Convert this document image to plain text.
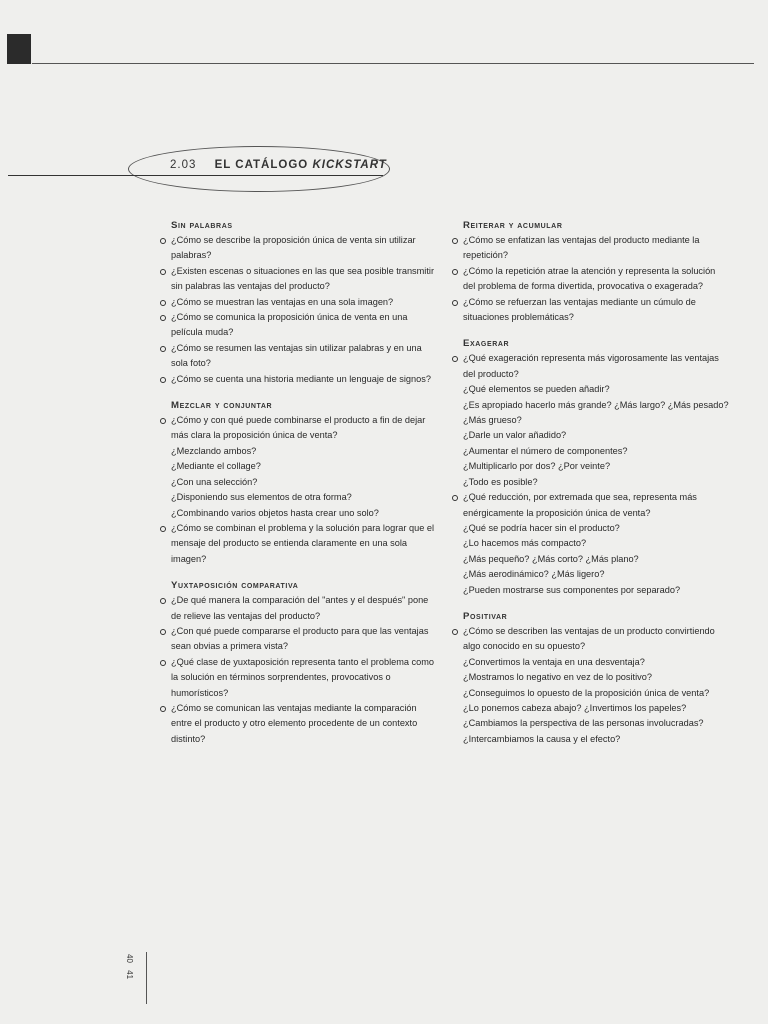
2.03 EL CATÁLOGO KICKSTART
Sin palabras
¿Cómo se describe la proposición única de venta sin utilizar
palabras?
¿Existen escenas o situaciones en las que sea posible transmitir
sin palabras las ventajas del producto?
¿Cómo se muestran las ventajas en una sola imagen?
¿Cómo se comunica la proposición única de venta en una
película muda?
¿Cómo se resumen las ventajas sin utilizar palabras y en una
sola foto?
¿Cómo se cuenta una historia mediante un lenguaje de signos?
Mezclar y conjuntar
¿Cómo y con qué puede combinarse el producto a fin de dejar
más clara la proposición única de venta?
¿Mezclando ambos?
¿Mediante el collage?
¿Con una selección?
¿Disponiendo sus elementos de otra forma?
¿Combinando varios objetos hasta crear uno solo?
¿Cómo se combinan el problema y la solución para lograr que el
mensaje del producto se entienda claramente en una sola
imagen?
Yuxtaposición comparativa
¿De qué manera la comparación del "antes y el después" pone
de relieve las ventajas del producto?
¿Con qué puede compararse el producto para que las ventajas
sean obvias a primera vista?
¿Qué clase de yuxtaposición representa tanto el problema como
la solución en términos sorprendentes, provocativos o
humorísticos?
¿Cómo se comunican las ventajas mediante la comparación
entre el producto y otro elemento procedente de un contexto
distinto?
Reiterar y acumular
¿Cómo se enfatizan las ventajas del producto mediante la
repetición?
¿Cómo la repetición atrae la atención y representa la solución
del problema de forma divertida, provocativa o exagerada?
¿Cómo se refuerzan las ventajas mediante un cúmulo de
situaciones problemáticas?
Exagerar
¿Qué exageración representa más vigorosamente las ventajas
del producto?
¿Qué elementos se pueden añadir?
¿Es apropiado hacerlo más grande? ¿Más largo? ¿Más pesado?
¿Más grueso?
¿Darle un valor añadido?
¿Aumentar el número de componentes?
¿Multiplicarlo por dos? ¿Por veinte?
¿Todo es posible?
¿Qué reducción, por extremada que sea, representa más
enérgicamente la proposición única de venta?
¿Qué se podría hacer sin el producto?
¿Lo hacemos más compacto?
¿Más pequeño? ¿Más corto? ¿Más plano?
¿Más aerodinámico? ¿Más ligero?
¿Pueden mostrarse sus componentes por separado?
Positivar
¿Cómo se describen las ventajas de un producto convirtiendo
algo conocido en su opuesto?
¿Convertimos la ventaja en una desventaja?
¿Mostramos lo negativo en vez de lo positivo?
¿Conseguimos lo opuesto de la proposición única de venta?
¿Lo ponemos cabeza abajo? ¿Invertimos los papeles?
¿Cambiamos la perspectiva de las personas involucradas?
¿Intercambiamos la causa y el efecto?
40 41
